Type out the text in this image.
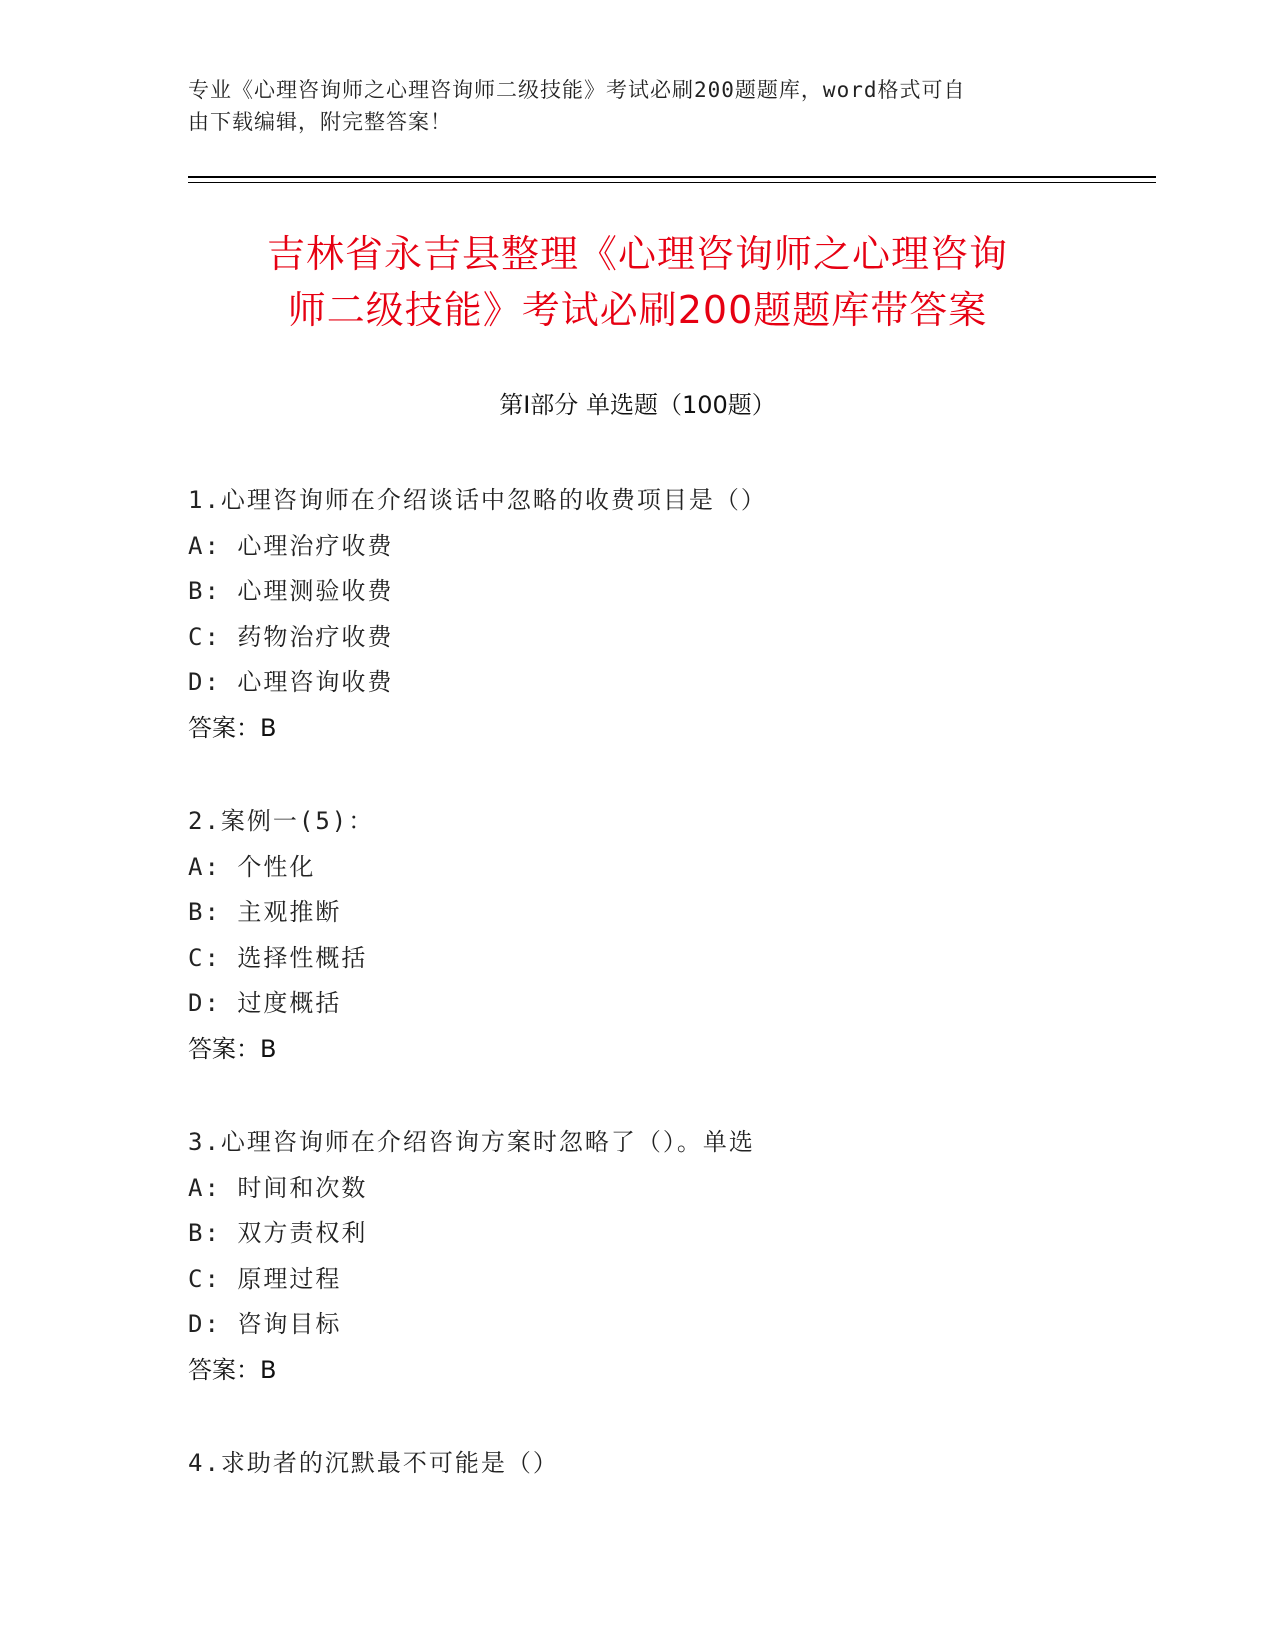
专业《心理咨询师之心理咨询师二级技能》考试必刷200题题库，word格式可自
由下载编辑，附完整答案！
吉林省永吉县整理《心理咨询师之心理咨询
师二级技能》考试必刷200题题库带答案
第Ⅰ部分 单选题（100题）
1.心理咨询师在介绍谈话中忽略的收费项目是（）
A: 心理治疗收费
B: 心理测验收费
C: 药物治疗收费
D: 心理咨询收费
答案：B
2.案例一(5)：
A: 个性化
B: 主观推断
C: 选择性概括
D: 过度概括
答案：B
3.心理咨询师在介绍咨询方案时忽略了（）。单选
A: 时间和次数
B: 双方责权利
C: 原理过程
D: 咨询目标
答案：B
4.求助者的沉默最不可能是（）
